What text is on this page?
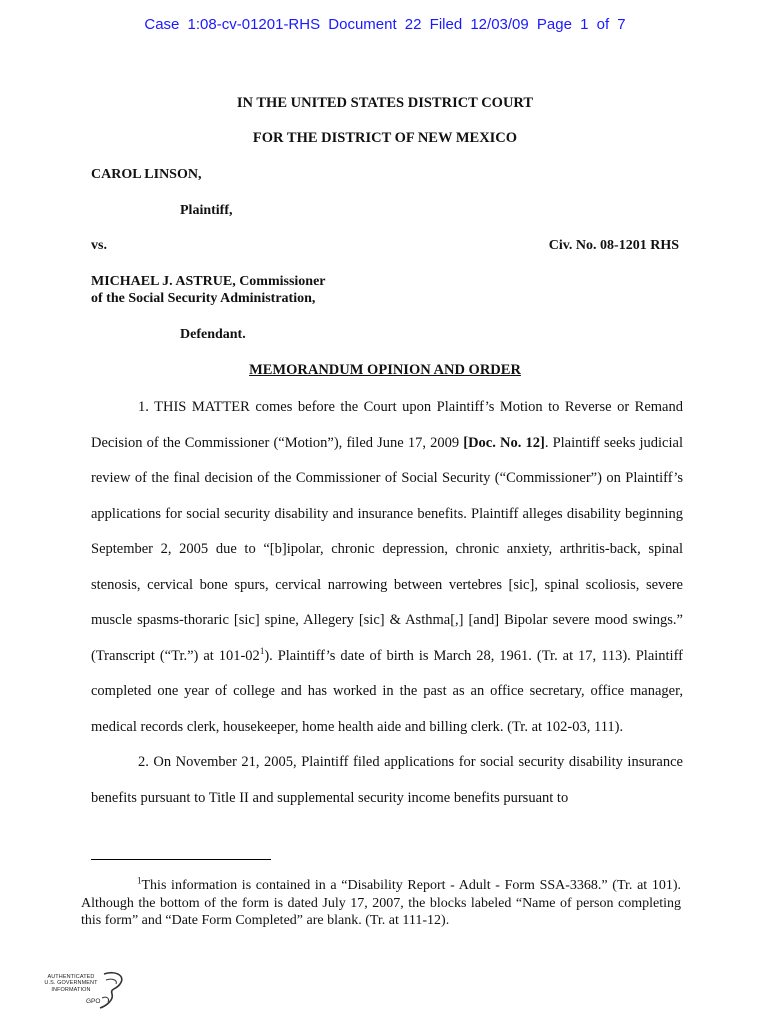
Case 1:08-cv-01201-RHS Document 22 Filed 12/03/09 Page 1 of 7
IN THE UNITED STATES DISTRICT COURT
FOR THE DISTRICT OF NEW MEXICO
CAROL LINSON,
Plaintiff,
vs.	Civ. No. 08-1201 RHS
MICHAEL J. ASTRUE, Commissioner
of the Social Security Administration,
Defendant.
MEMORANDUM OPINION AND ORDER

1. THIS MATTER comes before the Court upon Plaintiff’s Motion to Reverse or Remand Decision of the Commissioner (“Motion”), filed June 17, 2009 [Doc. No. 12]. Plaintiff seeks judicial review of the final decision of the Commissioner of Social Security (“Commissioner”) on Plaintiff’s applications for social security disability and insurance benefits. Plaintiff alleges disability beginning September 2, 2005 due to “[b]ipolar, chronic depression, chronic anxiety, arthritis-back, spinal stenosis, cervical bone spurs, cervical narrowing between vertebres [sic], spinal scoliosis, severe muscle spasms-thoraric [sic] spine, Allegery [sic] & Asthma[,] [and] Bipolar severe mood swings.” (Transcript (“Tr.”) at $101-02^1$). Plaintiff’s date of birth is March 28, 1961. (Tr. at 17, 113). Plaintiff completed one year of college and has worked in the past as an office secretary, office manager, medical records clerk, housekeeper, home health aide and billing clerk. (Tr. at 102-03, 111).

2. On November 21, 2005, Plaintiff filed applications for social security disability insurance benefits pursuant to Title II and supplemental security income benefits pursuant to

$^1$This information is contained in a “Disability Report - Adult - Form SSA-3368.” (Tr. at 101). Although the bottom of the form is dated July 17, 2007, the blocks labeled “Name of person completing this form” and “Date Form Completed” are blank. (Tr. at 111-12).
AUTHENTICATED
U.S. GOVERNMENT
INFORMATION
GPO
